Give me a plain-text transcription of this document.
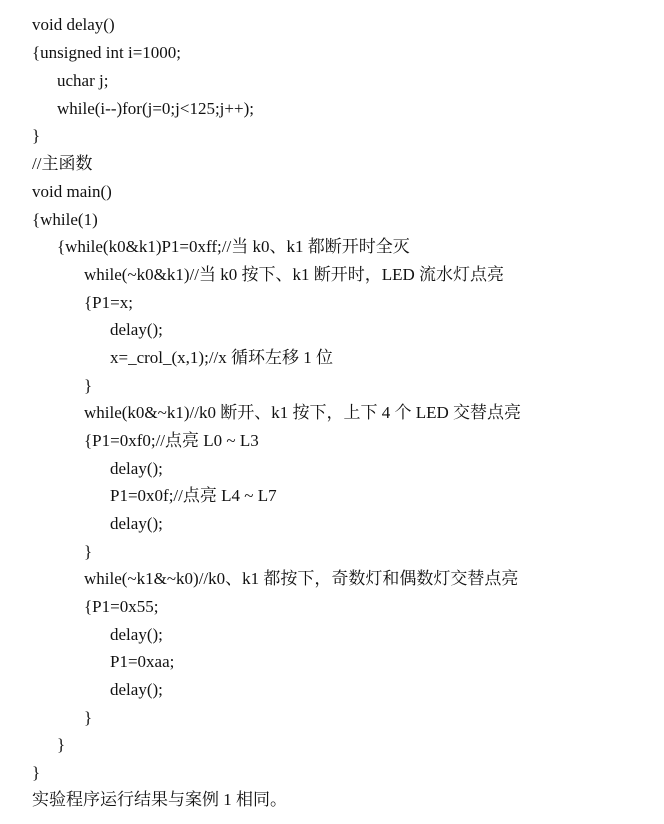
void delay()
{unsigned int i=1000;
uchar j;
while(i--)for(j=0;j<125;j++);
}
//主函数
void main()
{while(1)
{while(k0&k1)P1=0xff;//当 k0、k1 都断开时全灭
while(~k0&k1)//当 k0 按下、k1 断开时，LED 流水灯点亮
{P1=x;
delay();
x=_crol_(x,1);//x 循环左移 1 位
}
while(k0&~k1)//k0 断开、k1 按下，上下 4 个 LED 交替点亮
{P1=0xf0;//点亮 L0 ~ L3
delay();
P1=0x0f;//点亮 L4 ~ L7
delay();
}
while(~k1&~k0)//k0、k1 都按下，奇数灯和偶数灯交替点亮
{P1=0x55;
delay();
P1=0xaa;
delay();
}
}
}
实验程序运行结果与案例 1 相同。
